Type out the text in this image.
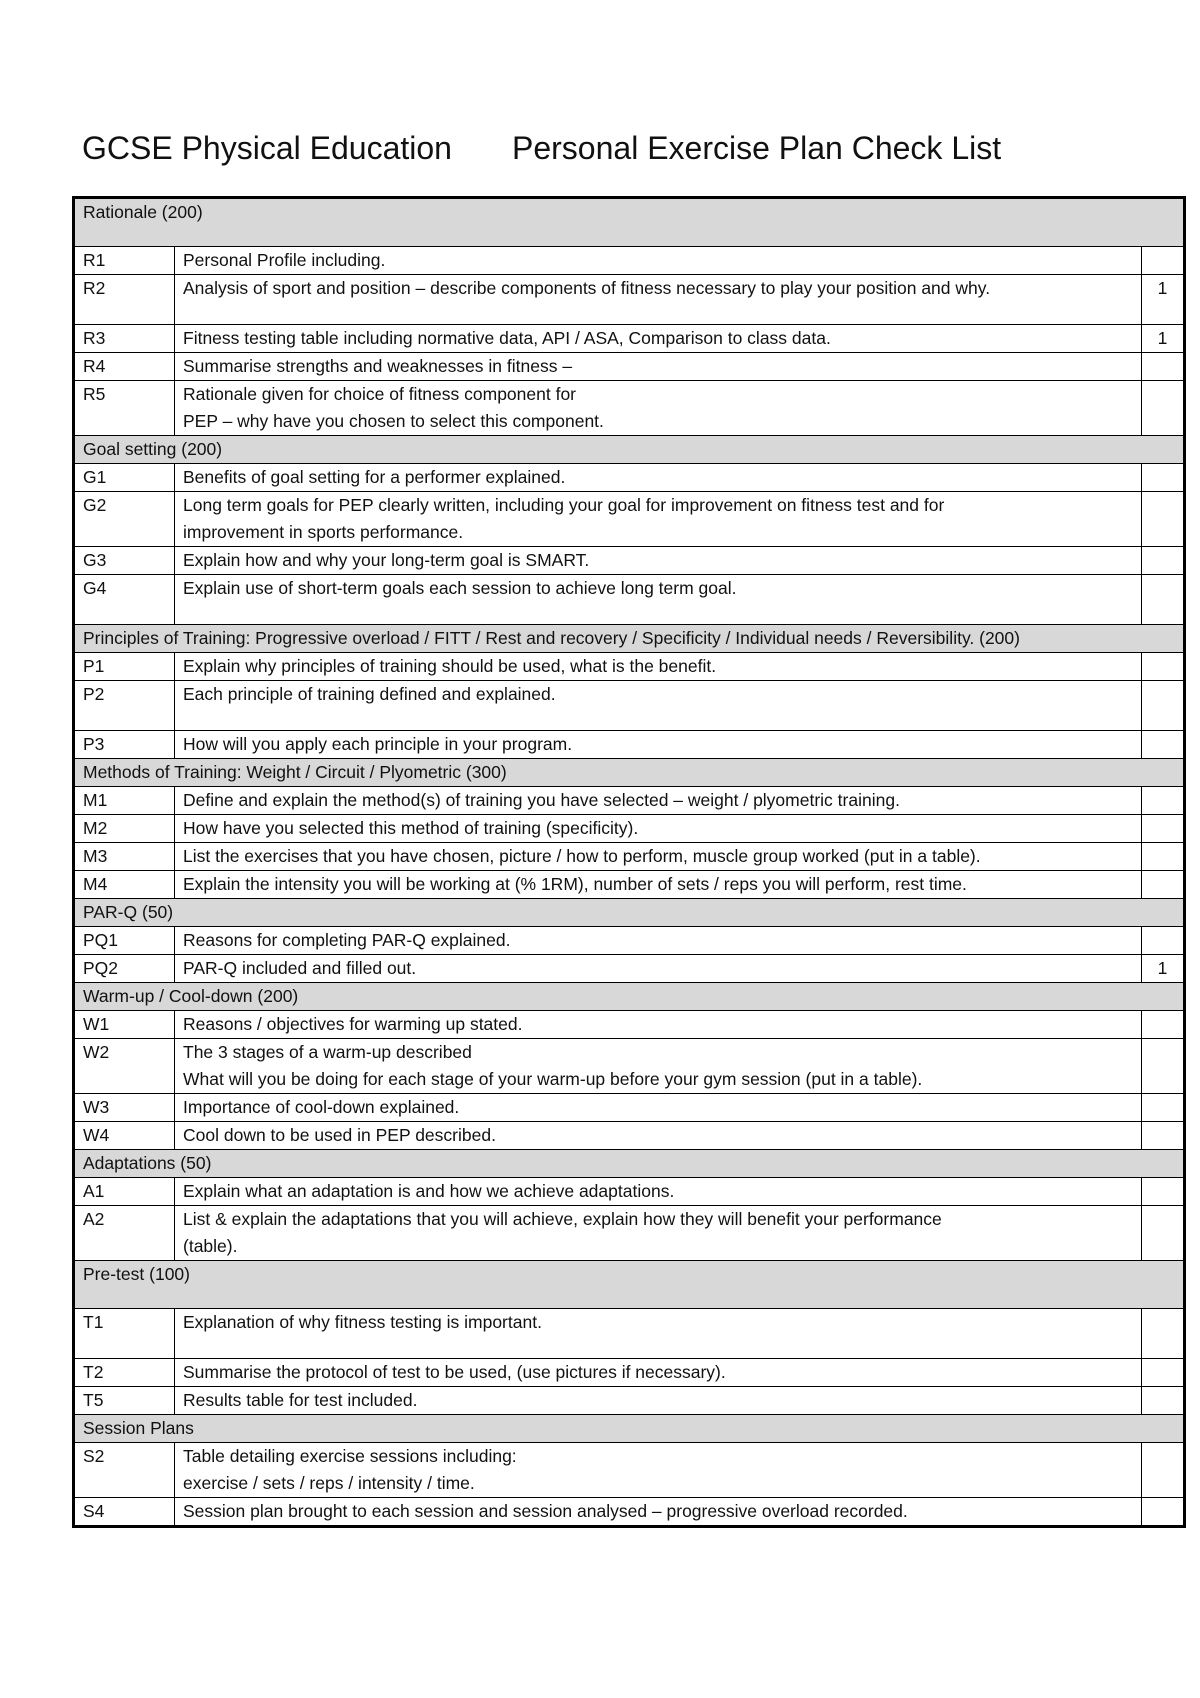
GCSE Physical Education Personal Exercise Plan Check List
Rationale (200)		
R1	Personal Profile including.	

R2	Analysis of sport and position – describe components of fitness necessary to play your position and why.	1
R3	Fitness testing table including normative data, API / ASA, Comparison to class data.	1
R4	Summarise strengths and weaknesses in fitness –	

R5	Rationale given for choice of fitness component for
PEP – why have you chosen to select this component.	

Goal setting (200)		
G1	Benefits of goal setting for a performer explained.	

G2	Long term goals for PEP clearly written, including your goal for improvement on fitness test and for
improvement in sports performance.	

G3	Explain how and why your long-term goal is SMART.	

G4	Explain use of short-term goals each session to achieve long term goal.	

Principles of Training: Progressive overload / FITT / Rest and recovery / Specificity / Individual needs / Reversibility. (200)		
P1	Explain why principles of training should be used, what is the benefit.	

P2	Each principle of training defined and explained.	

P3	How will you apply each principle in your program.	

Methods of Training: Weight / Circuit / Plyometric (300)		
M1	Define and explain the method(s) of training you have selected – weight / plyometric training.	

M2	How have you selected this method of training (specificity).	

M3	List the exercises that you have chosen, picture / how to perform, muscle group worked (put in a table).	

M4	Explain the intensity you will be working at (% 1RM), number of sets / reps you will perform, rest time.	

PAR-Q (50)		
PQ1	Reasons for completing PAR-Q explained.	

PQ2	PAR-Q included and filled out.	1
Warm-up / Cool-down (200)		
W1	Reasons / objectives for warming up stated.	

W2	The 3 stages of a warm-up described
What will you be doing for each stage of your warm-up before your gym session (put in a table).	

W3	Importance of cool-down explained.	

W4	Cool down to be used in PEP described.	

Adaptations (50)		
A1	Explain what an adaptation is and how we achieve adaptations.	

A2	List & explain the adaptations that you will achieve, explain how they will benefit your performance
(table).	

Pre-test (100)		
T1	Explanation of why fitness testing is important.	

T2	Summarise the protocol of test to be used, (use pictures if necessary).	

T5	Results table for test included.	

Session Plans		
S2	Table detailing exercise sessions including:
exercise / sets / reps / intensity / time.	

S4	Session plan brought to each session and session analysed – progressive overload recorded.	
